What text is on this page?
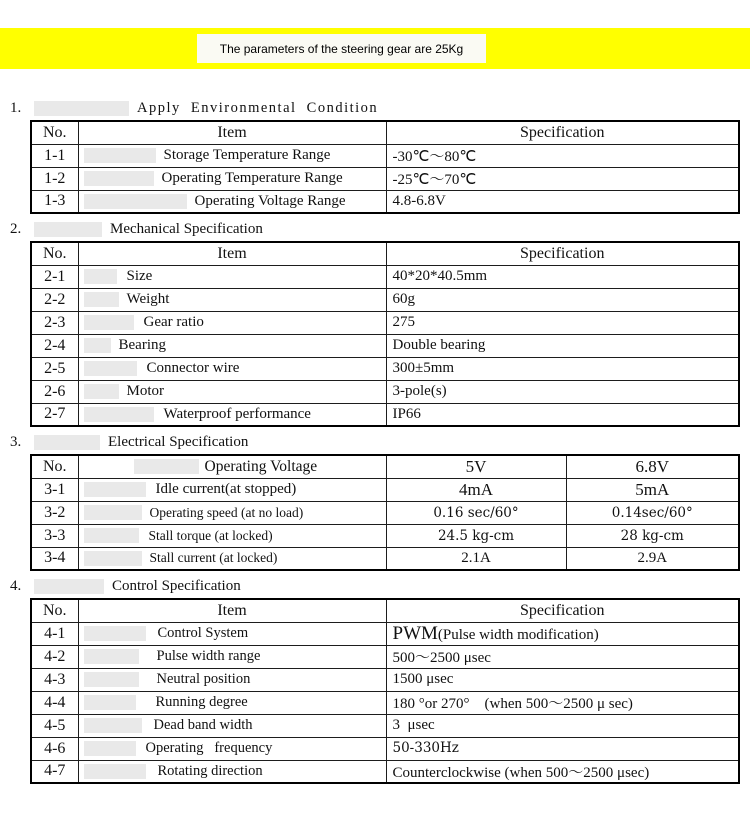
The parameters of the steering gear are 25Kg
1.	Apply Environmental Condition
No.	Item	Specification
1-1	Storage Temperature Range	-30℃～80℃
1-2	Operating Temperature Range	-25℃～70℃
1-3	Operating Voltage Range	4.8-6.8V
2.	Mechanical Specification
No.	Item	Specification
2-1	Size	40*20*40.5mm
2-2	Weight	60g
2-3	Gear ratio	275
2-4	Bearing	Double bearing
2-5	Connector wire	300±5mm
2-6	Motor	3-pole(s)
2-7	Waterproof performance	IP66
3.	Electrical Specification
No.	Operating Voltage	5V	6.8V
3-1	Idle current(at stopped)	4mA	5mA
3-2	Operating speed (at no load)	0.16 sec/60°	0.14sec/60°
3-3	Stall torque (at locked)	24.5 kg-cm	28 kg-cm
3-4	Stall current (at locked)	2.1A	2.9A
4.	Control Specification
No.	Item	Specification
4-1	Control System	PWM(Pulse width modification)
4-2	Pulse width range	500～2500 μsec
4-3	Neutral position	1500 μsec
4-4	Running degree	180 °or 270°    (when 500～2500 μ sec)
4-5	Dead band width	3  μsec
4-6	Operating   frequency	50-330Hz
4-7	Rotating direction	Counterclockwise (when 500～2500 μsec)
